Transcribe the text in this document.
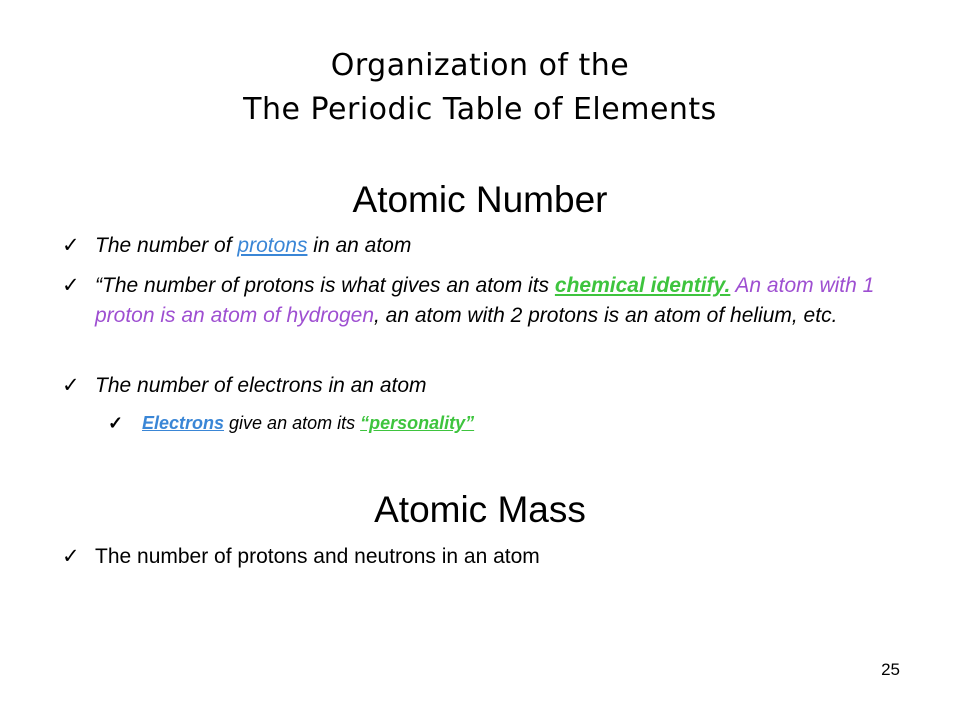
Organization of the
The Periodic Table of Elements
Atomic Number
✓ The number of protons in an atom
✓ “The number of protons is what gives an atom its chemical identify. An atom with 1 proton is an atom of hydrogen, an atom with 2 protons is an atom of helium, etc.
✓ The number of electrons in an atom
✓ Electrons give an atom its “personality”
Atomic Mass
✓ The number of protons and neutrons in an atom
25
